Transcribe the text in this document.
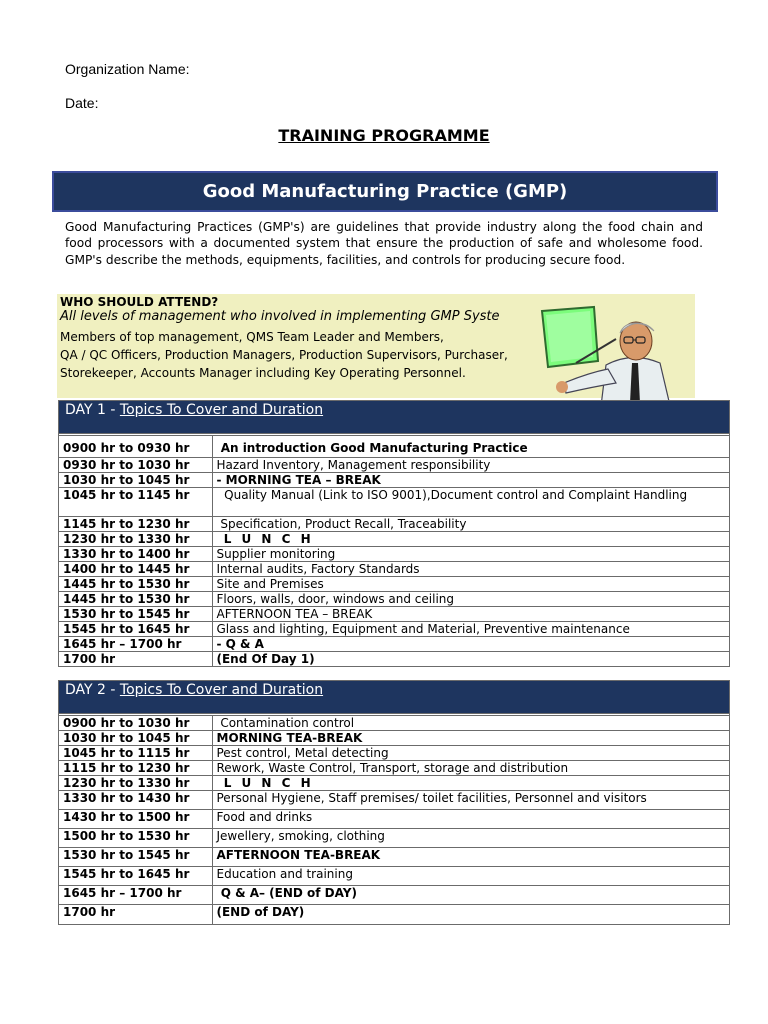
Organization Name:
Date:
TRAINING PROGRAMME
Good Manufacturing Practice (GMP)
Good Manufacturing Practices (GMP's) are guidelines that provide industry along the food chain and food processors with a documented system that ensure the production of safe and wholesome food. GMP's describe the methods, equipments, facilities, and controls for producing secure food.
WHO SHOULD ATTEND?
All levels of management who involved in implementing GMP Syste
Members of top management, QMS Team Leader and Members,
QA / QC Officers, Production Managers, Production Supervisors, Purchaser,
Storekeeper, Accounts Manager including Key Operating Personnel.
DAY 1 - Topics To Cover and Duration
0900 hr to 0930 hr	An introduction Good Manufacturing Practice
0930 hr to 1030 hr	Hazard Inventory, Management responsibility
1030 hr to 1045 hr	- MORNING TEA – BREAK
1045 hr to 1145 hr	Quality Manual (Link to ISO 9001),Document control and Complaint Handling
1145 hr to 1230 hr	Specification, Product Recall, Traceability
1230 hr to 1330 hr	L U N C H
1330 hr to 1400 hr	Supplier monitoring
1400 hr to 1445 hr	Internal audits, Factory Standards
1445 hr to 1530 hr	Site and Premises
1445 hr to 1530 hr	Floors, walls, door, windows and ceiling
1530 hr to 1545 hr	AFTERNOON TEA – BREAK
1545 hr to 1645 hr	Glass and lighting, Equipment and Material, Preventive maintenance
1645 hr – 1700 hr	- Q & A
1700 hr	(End Of Day 1)
DAY 2 - Topics To Cover and Duration
0900 hr to 1030 hr	Contamination control
1030 hr to 1045 hr	MORNING TEA-BREAK
1045 hr to 1115 hr	Pest control, Metal detecting
1115 hr to 1230 hr	Rework, Waste Control, Transport, storage and distribution
1230 hr to 1330 hr	L U N C H
1330 hr to 1430 hr	Personal Hygiene, Staff premises/ toilet facilities, Personnel and visitors
1430 hr to 1500 hr	Food and drinks
1500 hr to 1530 hr	Jewellery, smoking, clothing
1530 hr to 1545 hr	AFTERNOON TEA-BREAK
1545 hr to 1645 hr	Education and training
1645 hr – 1700 hr	Q & A– (END of DAY)
1700 hr	(END of DAY)
